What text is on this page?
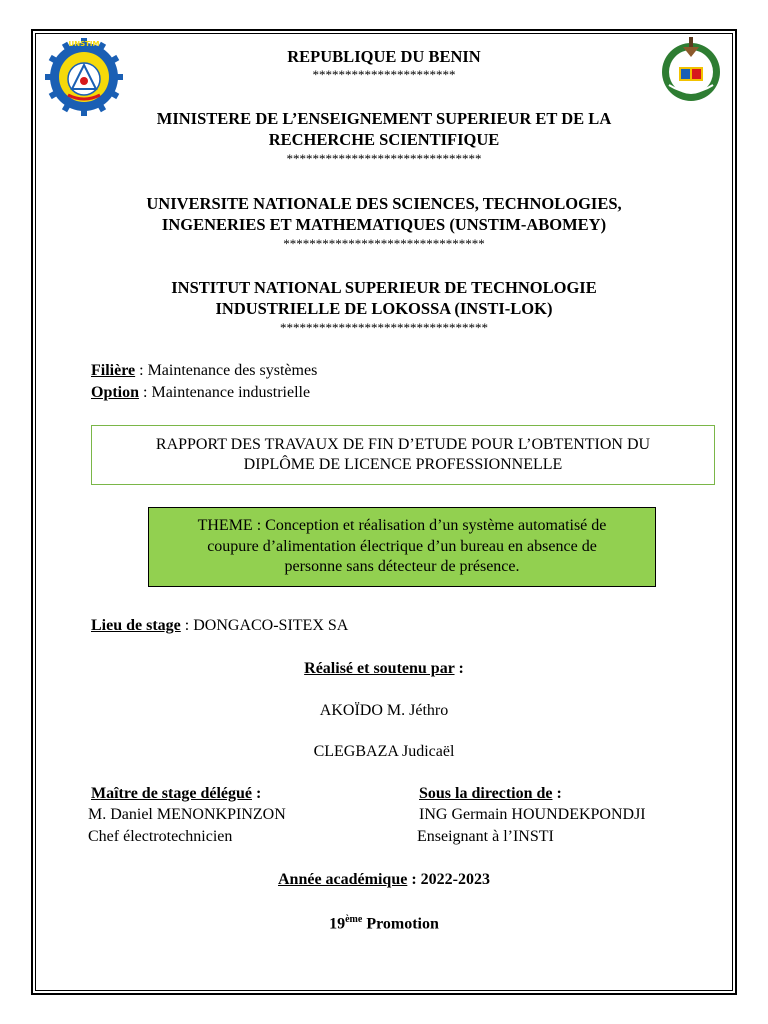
UNSTIM
REPUBLIQUE DU BENIN
**********************
MINISTERE DE L’ENSEIGNEMENT SUPERIEUR ET DE LA
RECHERCHE SCIENTIFIQUE
******************************
UNIVERSITE NATIONALE DES SCIENCES, TECHNOLOGIES,
INGENERIES ET MATHEMATIQUES (UNSTIM-ABOMEY)
*******************************
INSTITUT NATIONAL SUPERIEUR DE TECHNOLOGIE
INDUSTRIELLE DE LOKOSSA (INSTI-LOK)
********************************
Filière : Maintenance des systèmes
Option : Maintenance industrielle
RAPPORT DES TRAVAUX DE FIN D’ETUDE POUR L’OBTENTION DU
DIPLÔME DE LICENCE PROFESSIONNELLE
THEME : Conception et réalisation d’un système automatisé de
coupure d’alimentation électrique d’un bureau en absence de
personne sans détecteur de présence.
Lieu de stage : DONGACO-SITEX SA
Réalisé et soutenu par :
AKOÏDO M. Jéthro
CLEGBAZA Judicaël
Maître de stage délégué :
M. Daniel MENONKPINZON
Chef électrotechnicien
Sous la direction de :
ING Germain HOUNDEKPONDJI
Enseignant à l’INSTI
Année académique : 2022-2023
19ème Promotion
